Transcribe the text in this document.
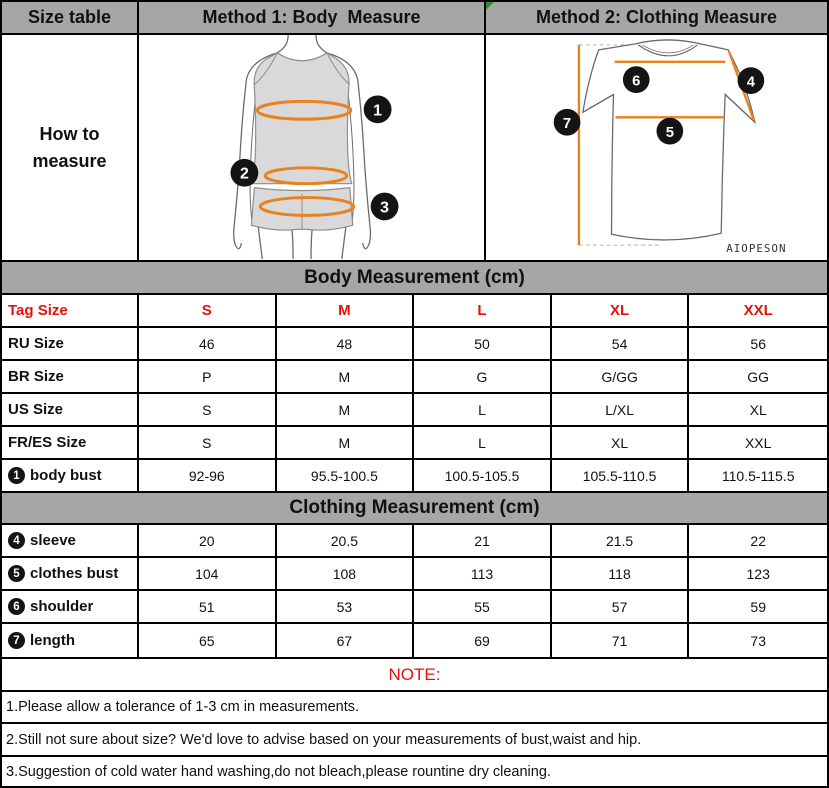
Size table	Method 1: Body  Measure	Method 2: Clothing Measure
How to
measure
1
2
3
6	4
7
5
AIOPESON
Body Measurement (cm)
Tag Size	S	M	L	XL	XXL
RU Size	46	48	50	54	56
BR Size	P	M	G	G/GG	GG
US Size	S	M	L	L/XL	XL
FR/ES Size	S	M	L	XL	XXL
1 body bust	92-96	95.5-100.5	100.5-105.5	105.5-110.5	110.5-115.5
Clothing Measurement (cm)
4 sleeve	20	20.5	21	21.5	22
5 clothes bust	104	108	113	118	123
6 shoulder	51	53	55	57	59
7 length	65	67	69	71	73
NOTE:
1.Please allow a tolerance of 1-3 cm in measurements.
2.Still not sure about size? We'd love to advise based on your measurements of bust,waist and hip.
3.Suggestion of cold water hand washing,do not bleach,please rountine dry cleaning.
